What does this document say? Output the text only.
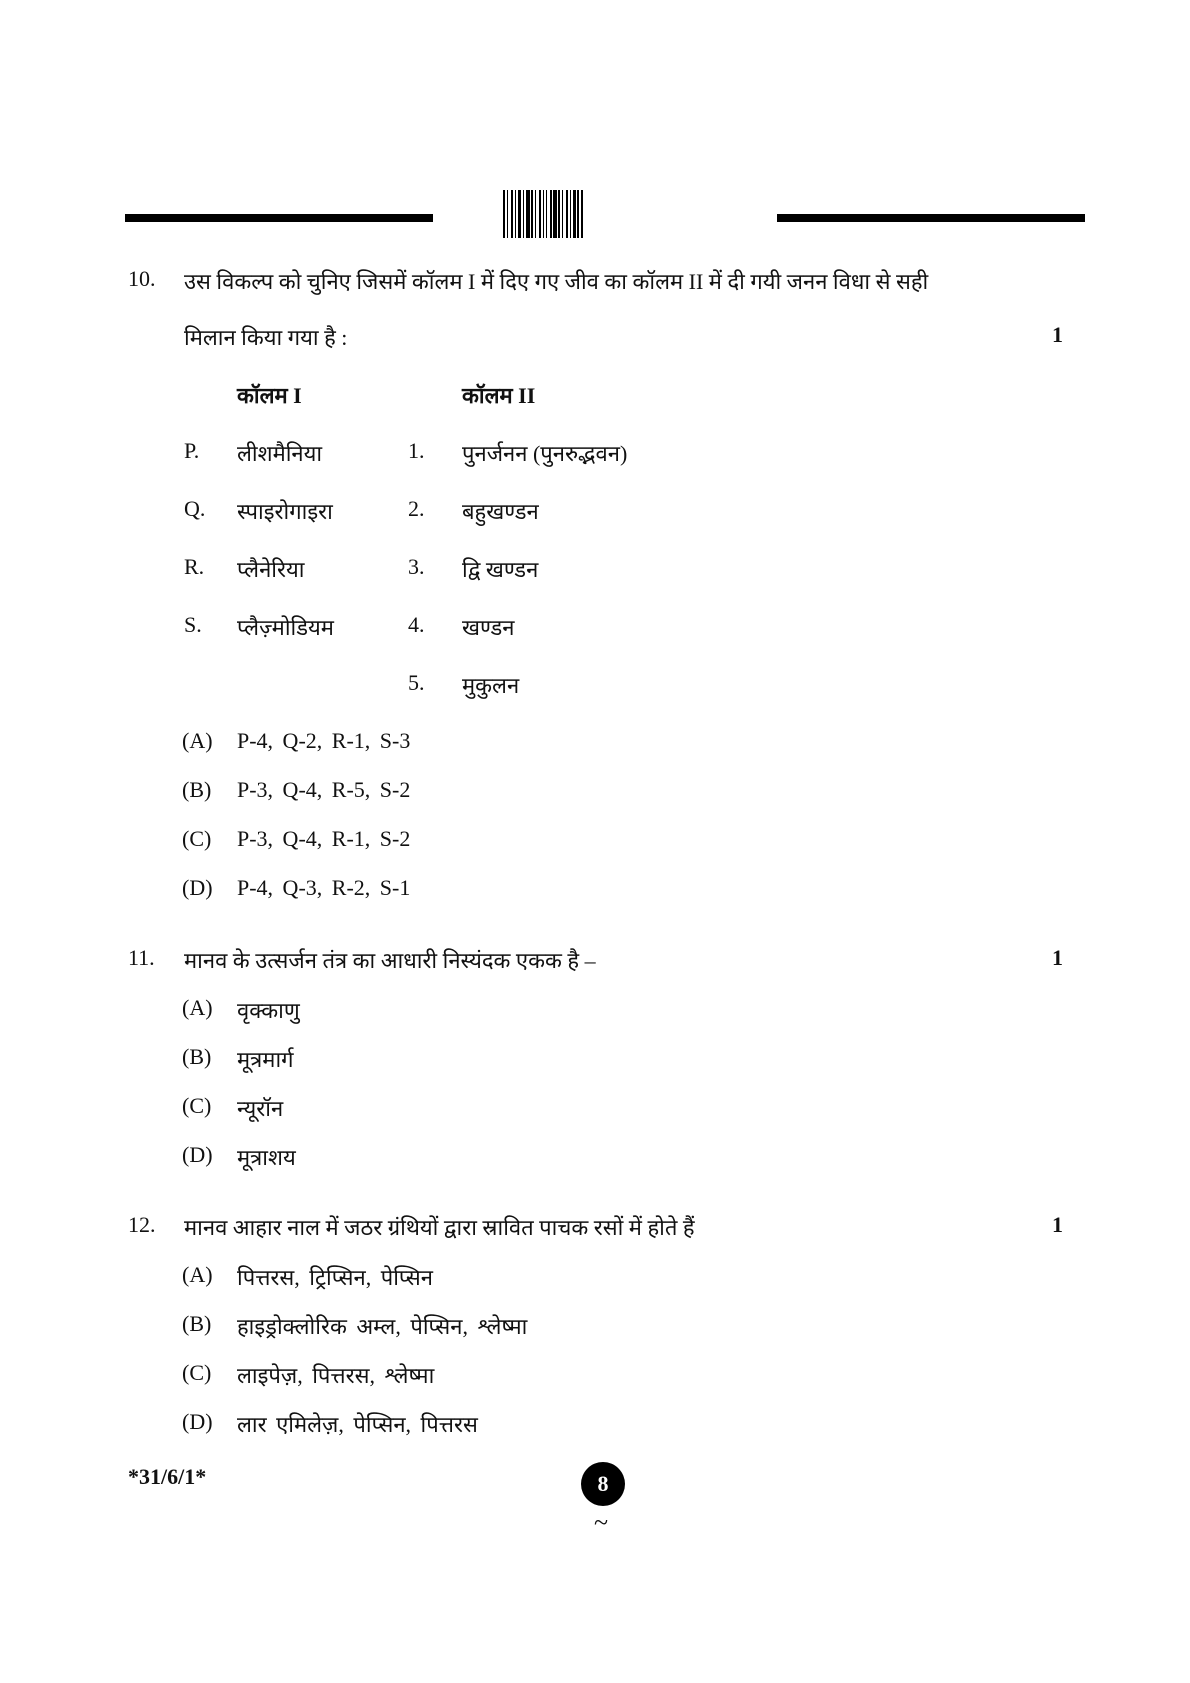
10. उस विकल्प को चुनिए जिसमें कॉलम I में दिए गए जीव का कॉलम II में दी गयी जनन विधा से सही
मिलान किया गया है :	1
कॉलम I	कॉलम II
P. लीशमैनिया	1. पुनर्जनन (पुनरुद्भवन)
Q. स्पाइरोगाइरा	2. बहुखण्डन
R. प्लैनेरिया	3. द्वि खण्डन
S. प्लैज़्मोडियम	4. खण्डन
5. मुकुलन
(A) P-4, Q-2, R-1, S-3
(B) P-3, Q-4, R-5, S-2
(C) P-3, Q-4, R-1, S-2
(D) P-4, Q-3, R-2, S-1
11. मानव के उत्सर्जन तंत्र का आधारी निस्यंदक एकक है –	1
(A) वृक्काणु
(B) मूत्रमार्ग
(C) न्यूरॉन
(D) मूत्राशय
12. मानव आहार नाल में जठर ग्रंथियों द्वारा स्रावित पाचक रसों में होते हैं	1
(A) पित्तरस, ट्रिप्सिन, पेप्सिन
(B) हाइड्रोक्लोरिक अम्ल, पेप्सिन, श्लेष्मा
(C) लाइपेज़, पित्तरस, श्लेष्मा
(D) लार एमिलेज़, पेप्सिन, पित्तरस
*31/6/1*	8
~
